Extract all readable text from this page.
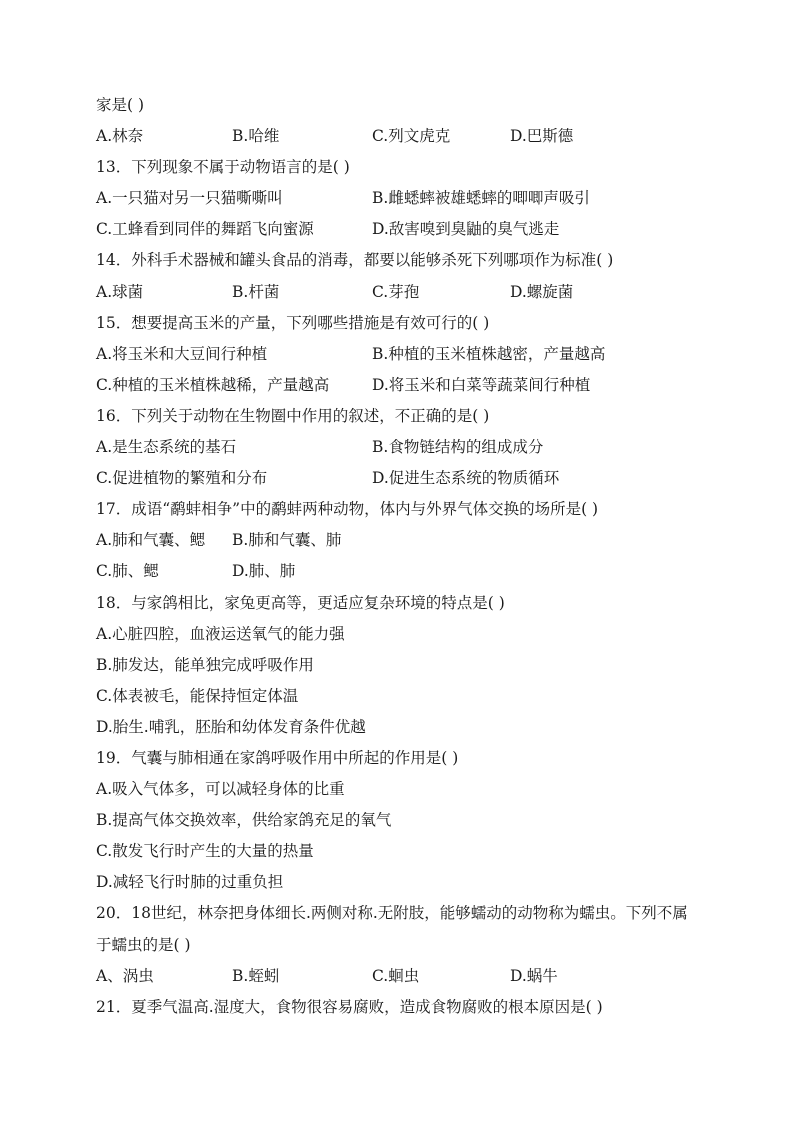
家是( )
A.林奈	B.哈维	C.列文虎克	D.巴斯德
13．下列现象不属于动物语言的是( )
A.一只猫对另一只猫嘶嘶叫	B.雌蟋蟀被雄蟋蟀的唧唧声吸引
C.工蜂看到同伴的舞蹈飞向蜜源	D.敌害嗅到臭鼬的臭气逃走
14．外科手术器械和罐头食品的消毒，都要以能够杀死下列哪项作为标准( )
A.球菌	B.杆菌	C.芽孢	D.螺旋菌
15．想要提高玉米的产量，下列哪些措施是有效可行的( )
A.将玉米和大豆间行种植	B.种植的玉米植株越密，产量越高
C.种植的玉米植株越稀，产量越高	D.将玉米和白菜等蔬菜间行种植
16．下列关于动物在生物圈中作用的叙述，不正确的是( )
A.是生态系统的基石	B.食物链结构的组成成分
C.促进植物的繁殖和分布	D.促进生态系统的物质循环
17．成语“鹬蚌相争”中的鹬蚌两种动物，体内与外界气体交换的场所是( )
A.肺和气囊、鳃	B.肺和气囊、肺
C.肺、鳃	D.肺、肺
18．与家鸽相比，家兔更高等，更适应复杂环境的特点是( )
A.心脏四腔，血液运送氧气的能力强
B.肺发达，能单独完成呼吸作用
C.体表被毛，能保持恒定体温
D.胎生.哺乳，胚胎和幼体发育条件优越
19．气囊与肺相通在家鸽呼吸作用中所起的作用是( )
A.吸入气体多，可以减轻身体的比重
B.提高气体交换效率，供给家鸽充足的氧气
C.散发飞行时产生的大量的热量
D.减轻飞行时肺的过重负担
20．18世纪，林奈把身体细长.两侧对称.无附肢，能够蠕动的动物称为蠕虫。下列不属
于蠕虫的是( )
A、涡虫	B.蛭蚓	C.蛔虫	D.蜗牛
21．夏季气温高.湿度大，食物很容易腐败，造成食物腐败的根本原因是( )
